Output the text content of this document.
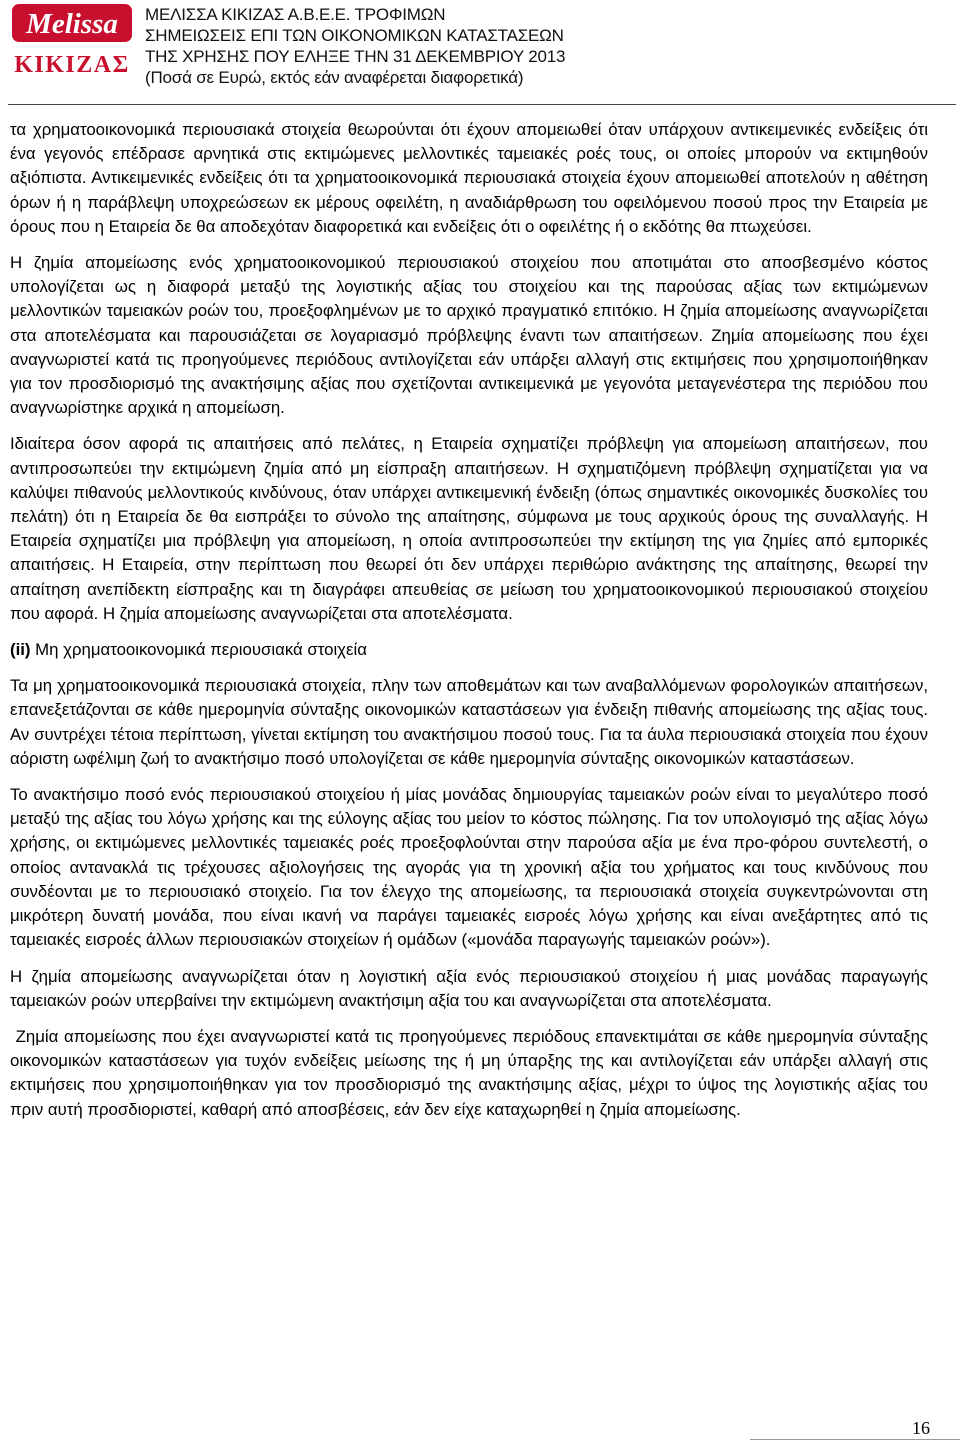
Melissa
ΚΙΚΙΖΑΣ
ΜΕΛΙΣΣΑ ΚΙΚΙΖΑΣ Α.Β.Ε.Ε. ΤΡΟΦΙΜΩΝ
ΣΗΜΕΙΩΣΕΙΣ ΕΠΙ ΤΩΝ ΟΙΚΟΝΟΜΙΚΩΝ ΚΑΤΑΣΤΑΣΕΩΝ
ΤΗΣ ΧΡΗΣΗΣ ΠΟΥ ΕΛΗΞΕ ΤΗΝ 31 ΔΕΚΕΜΒΡΙΟΥ 2013
(Ποσά σε Ευρώ, εκτός εάν αναφέρεται διαφορετικά)

τα χρηματοοικονομικά περιουσιακά στοιχεία θεωρούνται ότι έχουν απομειωθεί όταν υπάρχουν αντικειμενικές ενδείξεις ότι ένα γεγονός επέδρασε αρνητικά στις εκτιμώμενες μελλοντικές ταμειακές ροές τους, οι οποίες μπορούν να εκτιμηθούν αξιόπιστα. Αντικειμενικές ενδείξεις ότι τα χρηματοοικονομικά περιουσιακά στοιχεία έχουν απομειωθεί αποτελούν η αθέτηση όρων ή η παράβλεψη υποχρεώσεων εκ μέρους οφειλέτη, η αναδιάρθρωση του οφειλόμενου ποσού προς την Εταιρεία με όρους που η Εταιρεία δε θα αποδεχόταν διαφορετικά και ενδείξεις ότι ο οφειλέτης ή ο εκδότης θα πτωχεύσει.

Η ζημία απομείωσης ενός χρηματοοικονομικού περιουσιακού στοιχείου που αποτιμάται στο αποσβεσμένο κόστος υπολογίζεται ως η διαφορά μεταξύ της λογιστικής αξίας του στοιχείου και της παρούσας αξίας των εκτιμώμενων μελλοντικών ταμειακών ροών του, προεξοφλημένων με το αρχικό πραγματικό επιτόκιο. Η ζημία απομείωσης αναγνωρίζεται στα αποτελέσματα και παρουσιάζεται σε λογαριασμό πρόβλεψης έναντι των απαιτήσεων. Ζημία απομείωσης που έχει αναγνωριστεί κατά τις προηγούμενες περιόδους αντιλογίζεται εάν υπάρξει αλλαγή στις εκτιμήσεις που χρησιμοποιήθηκαν για τον προσδιορισμό της ανακτήσιμης αξίας που σχετίζονται αντικειμενικά με γεγονότα μεταγενέστερα της περιόδου που αναγνωρίστηκε αρχικά η απομείωση.

Ιδιαίτερα όσον αφορά τις απαιτήσεις από πελάτες, η Εταιρεία σχηματίζει πρόβλεψη για απομείωση απαιτήσεων, που αντιπροσωπεύει την εκτιμώμενη ζημία από μη είσπραξη απαιτήσεων. Η σχηματιζόμενη πρόβλεψη σχηματίζεται για να καλύψει πιθανούς μελλοντικούς κινδύνους, όταν υπάρχει αντικειμενική ένδειξη (όπως σημαντικές οικονομικές δυσκολίες του πελάτη) ότι η Εταιρεία δε θα εισπράξει το σύνολο της απαίτησης, σύμφωνα με τους αρχικούς όρους της συναλλαγής. Η Εταιρεία σχηματίζει μια πρόβλεψη για απομείωση, η οποία αντιπροσωπεύει την εκτίμηση της για ζημίες από εμπορικές απαιτήσεις. Η Εταιρεία, στην περίπτωση που θεωρεί ότι δεν υπάρχει περιθώριο ανάκτησης της απαίτησης, θεωρεί την απαίτηση ανεπίδεκτη είσπραξης και τη διαγράφει απευθείας σε μείωση του χρηματοοικονομικού περιουσιακού στοιχείου που αφορά. Η ζημία απομείωσης αναγνωρίζεται στα αποτελέσματα.

(ii) Μη χρηματοοικονομικά περιουσιακά στοιχεία

Τα μη χρηματοοικονομικά περιουσιακά στοιχεία, πλην των αποθεμάτων και των αναβαλλόμενων φορολογικών απαιτήσεων, επανεξετάζονται σε κάθε ημερομηνία σύνταξης οικονομικών καταστάσεων για ένδειξη πιθανής απομείωσης της αξίας τους. Αν συντρέχει τέτοια περίπτωση, γίνεται εκτίμηση του ανακτήσιμου ποσού τους. Για τα άυλα περιουσιακά στοιχεία που έχουν αόριστη ωφέλιμη ζωή το ανακτήσιμο ποσό υπολογίζεται σε κάθε ημερομηνία σύνταξης οικονομικών καταστάσεων.

Το ανακτήσιμο ποσό ενός περιουσιακού στοιχείου ή μίας μονάδας δημιουργίας ταμειακών ροών είναι το μεγαλύτερο ποσό μεταξύ της αξίας του λόγω χρήσης και της εύλογης αξίας του μείον το κόστος πώλησης. Για τον υπολογισμό της αξίας λόγω χρήσης, οι εκτιμώμενες μελλοντικές ταμειακές ροές προεξοφλούνται στην παρούσα αξία με ένα προ-φόρου συντελεστή, ο οποίος αντανακλά τις τρέχουσες αξιολογήσεις της αγοράς για τη χρονική αξία του χρήματος και τους κινδύνους που συνδέονται με το περιουσιακό στοιχείο. Για τον έλεγχο της απομείωσης, τα περιουσιακά στοιχεία συγκεντρώνονται στη μικρότερη δυνατή μονάδα, που είναι ικανή να παράγει ταμειακές εισροές λόγω χρήσης και είναι ανεξάρτητες από τις ταμειακές εισροές άλλων περιουσιακών στοιχείων ή ομάδων («μονάδα παραγωγής ταμειακών ροών»).

Η ζημία απομείωσης αναγνωρίζεται όταν η λογιστική αξία ενός περιουσιακού στοιχείου ή μιας μονάδας παραγωγής ταμειακών ροών υπερβαίνει την εκτιμώμενη ανακτήσιμη αξία του και αναγνωρίζεται στα αποτελέσματα.

Ζημία απομείωσης που έχει αναγνωριστεί κατά τις προηγούμενες περιόδους επανεκτιμάται σε κάθε ημερομηνία σύνταξης οικονομικών καταστάσεων για τυχόν ενδείξεις μείωσης της ή μη ύπαρξης της και αντιλογίζεται εάν υπάρξει αλλαγή στις εκτιμήσεις που χρησιμοποιήθηκαν για τον προσδιορισμό της ανακτήσιμης αξίας, μέχρι το ύψος της λογιστικής αξίας του πριν αυτή προσδιοριστεί, καθαρή από αποσβέσεις, εάν δεν είχε καταχωρηθεί η ζημία απομείωσης.

16
